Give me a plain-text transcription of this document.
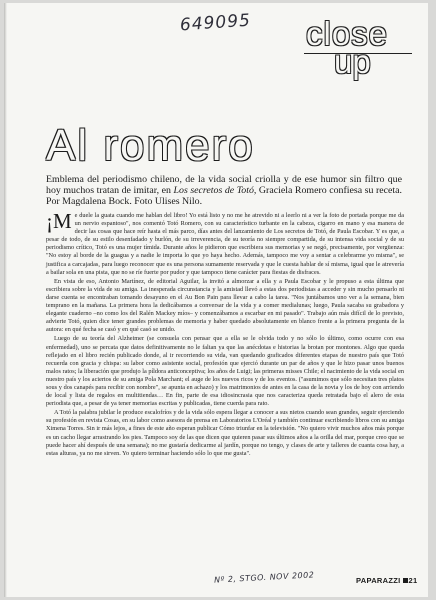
649095 close
up
Al romero

Emblema del periodismo chileno, de la vida social criolla y de ese humor sin filtro que hoy muchos tratan de imitar, en Los secretos de Totó, Graciela Romero confiesa su receta. Por Magdalena Bock. Foto Ulises Nilo.

¡M e duele la guata cuando me hablan del libro! Yo está listo y no me he atrevido ni a leerlo ni a ver la foto de portada porque me da un nervio espantoso", nos comentó Totó Romero, con su característico turbante en la cabeza, cigarro en mano y esa manera de decir las cosas que hace reír hasta el más parco, días antes del lanzamiento de Los secretos de Totó, de Paula Escobar. Y es que, a pesar de todo, de su estilo desenfadado y burlón, de su irreverencia, de su teoría no siempre compartida, de su intensa vida social y de su periodismo crítico, Totó es una mujer tímida. Durante años le pidieron que escribiera sus memorias y se negó, precisamente, por vergüenza: "No estoy al borde de la guagua y a nadie le importa lo que yo haya hecho. Además, tampoco me voy a sentar a celebrarme yo misma", se justifica a carcajadas, para luego reconocer que es una persona sumamente reservada y que le cuesta hablar de sí misma, igual que le atrevería a bailar sola en una pista, que no se ríe fuerte por pudor y que tampoco tiene carácter para fiestas de disfraces.

En vista de eso, Antonio Martínez, de editorial Aguilar, la invitó a almorzar a ella y a Paula Escobar y le propuso a esta última que escribiera sobre la vida de su amiga. La inesperada circunstancia y la amistad llevó a estas dos periodistas a acceder y sin mucho pensarlo ni darse cuenta se encontraban tomando desayuno en el Au Bon Pain para llevar a cabo la tarea. "Nos juntábamos uno ver a la semana, bien temprano en la mañana. La primera hora la dedicábamos a conversar de la vida y a comer medialunas; luego, Paula sacaba su grabadora y elegante cuaderno –no como los del Ralén Mackey míos– y comenzábamos a escarbar en mi pasado". Trabajo aún más difícil de lo previsto, advierte Totó, quien dice tener grandes problemas de memoria y haber quedado absolutamente en blanco frente a la primera pregunta de la autora: en qué fecha se casó y en qué casó se unido.

Luego de su teoría del Alzheimer (se consuela con pensar que a ella se le olvida todo y no sólo lo último, como ocurre con esa enfermedad), uno se percata que datos definitivamente no le faltan ya que las anécdotas e historias la brotan por montones. Algo que queda reflejado en el libro recién publicado donde, al ir recorriendo su vida, van quedando graficados diferentes etapas de nuestro país que Totó recuerda con gracia y chispa: su labor como asistente social, profesión que ejerció durante un par de años y que le hizo pasar unos buenos malos ratos; la liberación que produjo la píldora anticonceptiva; los años de Luigi; las primeras misses Chile; el nacimiento de la vida social en nuestro país y los aciertos de su amiga Pola Marchant; el auge de los nuevos ricos y de los eventos. ("asumimos que sólo necesitan tres platos sous y dos canapés para recibir con nombre", se apunta en achazo) y los matrimonios de antes en la casa de la novia y los de hoy con arriendo de local y lista de regalos en multitiendas… En fin, parte de esa idiosincrasia que nos caracteriza queda retratada bajo el alero de esta periodista que, a pesar de ya tener memorias escritas y publicadas, tiene cuerda para rato.

A Totó la palabra jubilar le produce escalofríos y de la vida sólo espera llegar a conocer a sus nietos cuando sean grandes, seguir ejerciendo su profesión en revista Cosas, en su labor como asesora de prensa en Laboratorios L'Oréal y también continuar escribiendo libros con su amiga Ximena Torres. Sin ir más lejos, a fines de este año esperan publicar Cómo triunfar en la televisión. "No quiero vivir muchos años más porque es un cacho llegar arrastrando los pies. Tampoco soy de las que dicen que quieren pasar sus últimos años a la orilla del mar, porque creo que se puede hacer ahí después de una semana); no me gustaría dedicarme al jardín, porque no tengo, y clases de arte y talleres de cuanta cosa hay, a estas alturas, ya no me sirven. Yo quiero terminar haciendo sólo lo que me gusta".

Nº 2, STGO. NOV 2002	PAPARAZZI 21
